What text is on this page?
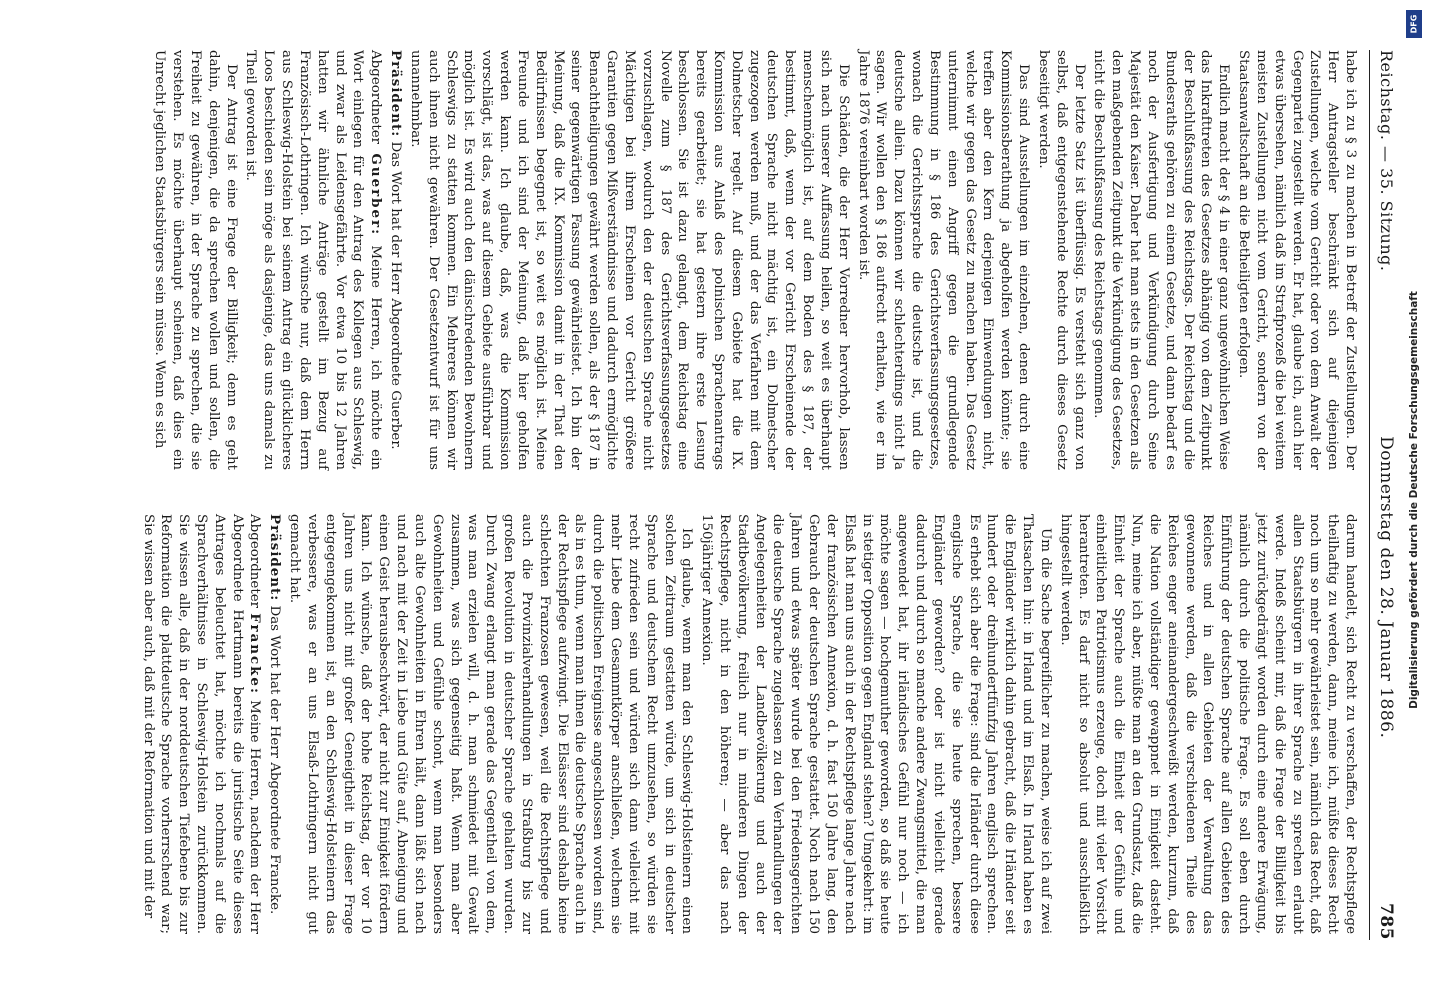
Reichstag. — 35. Sitzung.
Donnerstag den 28. Januar 1886.
785

habe ich zu § 3 zu machen in Betreff der Zustellungen. Der Herr Antragsteller beschränkt sich auf diejenigen Zustellungen, welche vom Gericht oder von dem Anwalt der Gegenpartei zugestellt werden. Er hat, glaube ich, auch hier etwas übersehen, nämlich daß im Strafprozeß die bei weitem meisten Zustellungen nicht vom Gericht, sondern von der Staatsanwaltschaft an die Betheiligten erfolgen.

Endlich macht der § 4 in einer ganz ungewöhnlichen Weise das Inkrafttreten des Gesetzes abhängig von dem Zeitpunkt der Beschlußfassung des Reichstags. Der Reichstag und die Bundesraths gehören zu einem Gesetze, und dann bedarf es noch der Ausfertigung und Verkündigung durch Seine Majestät den Kaiser. Daher hat man stets in den Gesetzen als den maßgebenden Zeitpunkt die Verkündigung des Gesetzes, nicht die Beschlußfassung des Reichstags genommen.

Der letzte Satz ist überflüssig. Es versteht sich ganz von selbst, daß entgegenstehende Rechte durch dieses Gesetz beseitigt werden.

Das sind Ausstellungen im einzelnen, denen durch eine Kommissionsberathung ja abgeholfen werden könnte; sie treffen aber den Kern derjenigen Einwendungen nicht, welche wir gegen das Gesetz zu machen haben. Das Gesetz unternimmt einen Angriff gegen die grundlegende Bestimmung in § 186 des Gerichtsverfassungsgesetzes, wonach die Gerichtssprache die deutsche ist, und die deutsche allein. Dazu können wir schlechterdings nicht Ja sagen. Wir wollen den § 186 aufrecht erhalten, wie er im Jahre 1876 vereinbart worden ist.

Die Schäden, die der Herr Vorredner hervorhob, lassen sich nach unserer Auffassung heilen, so weit es überhaupt menschenmöglich ist, auf dem Boden des § 187, der bestimmt, daß, wenn der vor Gericht Erscheinende der deutschen Sprache nicht mächtig ist, ein Dolmetscher zugezogen werden muß, und der das Verfahren mit dem Dolmetscher regelt. Auf diesem Gebiete hat die IX. Kommission aus Anlaß des polnischen Sprachenantrags bereits gearbeitet; sie hat gestern ihre erste Lesung beschlossen. Sie ist dazu gelangt, dem Reichstag eine Novelle zum § 187 des Gerichtsverfassungsgesetzes vorzuschlagen, wodurch den der deutschen Sprache nicht Mächtigen bei ihrem Erscheinen vor Gericht größere Garantien gegen Mißverständnisse und dadurch ermöglichte Benachtheiligungen gewährt werden sollen, als der § 187 in seiner gegenwärtigen Fassung gewährleistet. Ich bin der Meinung, daß die IX. Kommission damit in der That den Bedürfnissen begegnet ist, so weit es möglich ist. Meine Freunde und ich sind der Meinung, daß hier geholfen werden kann. Ich glaube, daß, was die Kommission vorschlägt, ist das, was auf diesem Gebiete ausführbar und möglich ist. Es wird auch den dänischredenden Bewohnern Schleswigs zu statten kommen. Ein Mehreres können wir auch ihnen nicht gewähren. Der Gesetzentwurf ist für uns unannehmbar.

Präsident: Das Wort hat der Herr Abgeordnete Guerber.

Abgeordneter Guerber: Meine Herren, ich möchte ein Wort einlegen für den Antrag des Kollegen aus Schleswig, und zwar als Leidensgefährte. Vor etwa 10 bis 12 Jahren hatten wir ähnliche Anträge gestellt im Bezug auf Französisch-Lothringen. Ich wünsche nur, daß dem Herrn aus Schleswig-Holstein bei seinem Antrag ein glücklicheres Loos beschieden sein möge als dasjenige, das uns damals zu Theil geworden ist.

Der Antrag ist eine Frage der Billigkeit; denn es geht dahin, denjenigen, die da sprechen wollen und sollen, die Freiheit zu gewähren, in der Sprache zu sprechen, die sie verstehen. Es möchte überhaupt scheinen, daß dies ein Unrecht jeglichen Staatsbürgers sein müsse. Wenn es sich

darum handelt, sich Recht zu verschaffen, der Rechtspflege theilhaftig zu werden, dann, meine ich, müßte dieses Recht noch um so mehr gewährleistet sein, nämlich das Recht, daß allen Staatsbürgern in ihrer Sprache zu sprechen erlaubt werde. Indeß scheint mir, daß die Frage der Billigkeit bis jetzt zurückgedrängt worden durch eine andere Erwägung, nämlich durch die politische Frage. Es soll eben durch Einführung der deutschen Sprache auf allen Gebieten des Reiches und in allen Gebieten der Verwaltung das gewonnene werden, daß die verschiedenen Theile des Reiches enger aneinandergeschweißt werden, kurzum, daß die Nation vollständiger gewappnet in Einigkeit dasteht. Nun, meine ich aber, müßte man an den Grundsatz, daß die Einheit der Sprache auch die Einheit der Gefühle und einheitlichen Patriotismus erzeuge, doch mit vieler Vorsicht herantreten. Es darf nicht so absolut und ausschließlich hingestellt werden.

Um die Sache begreiflicher zu machen, weise ich auf zwei Thatsachen hin: in Irland und im Elsaß. In Irland haben es die Engländer wirklich dahin gebracht, daß die Irländer seit hundert oder dreihundertfünfzig Jahren englisch sprechen. Es erhebt sich aber die Frage: sind die Irländer durch diese englische Sprache, die sie heute sprechen, bessere Engländer geworden? oder ist nicht vielleicht gerade dadurch und durch so manche andere Zwangsmittel, die man angewendet hat, ihr irländisches Gefühl nur noch — ich möchte sagen — hochgemuther geworden, so daß sie heute in stetiger Opposition gegen England stehen? Umgekehrt: im Elsaß hat man uns auch in der Rechtspflege lange Jahre nach der französischen Annexion, d. h. fast 150 Jahre lang, den Gebrauch der deutschen Sprache gestattet. Noch nach 150 Jahren und etwas später wurde bei den Friedensgerichten die deutsche Sprache zugelassen zu den Verhandlungen der Angelegenheiten der Landbevölkerung und auch der Stadtbevölkerung, freilich nur in minderen Dingen der Rechtspflege, nicht in den höheren; — aber das nach 150jähriger Annexion.

Ich glaube, wenn man den Schleswig-Holsteinern einen solchen Zeitraum gestatten würde, um sich in deutscher Sprache und deutschem Recht umzusehen, so würden sie recht zufrieden sein und würden sich dann vielleicht mit mehr Liebe dem Gesammtkörper anschließen, welchem sie durch die politischen Ereignisse angeschlossen worden sind, als in es thun, wenn man ihnen die deutsche Sprache auch in der Rechtspflege aufzwingt. Die Elsässer sind deshalb keine schlechten Franzosen gewesen, weil die Rechtspflege und auch die Provinzialverhandlungen in Straßburg bis zur großen Revolution in deutscher Sprache gehalten wurden. Durch Zwang erlangt man gerade das Gegentheil von dem, was man erzielen will, d. h. man schmiedet mit Gewalt zusammen, was sich gegenseitig haßt. Wenn man aber Gewohnheiten und Gefühle schont, wenn man besonders auch alte Gewohnheiten in Ehren hält, dann läßt sich nach und nach mit der Zeit in Liebe und Güte auf, Abneigung und einen Geist herausbeschwört, der nicht zur Einigkeit fördern kann. Ich wünsche, daß der hohe Reichstag, der vor 10 Jahren uns nicht mit großer Geneigtheit in dieser Frage entgegengekommen ist, an den Schleswig-Holsteinern das verbessere, was er an uns Elsaß-Lothringern nicht gut gemacht hat.

Präsident: Das Wort hat der Herr Abgeordnete Francke.

Abgeordneter Francke: Meine Herren, nachdem der Herr Abgeordnete Hartmann bereits die juristische Seite dieses Antrages beleuchtet hat, möchte ich nochmals auf die Sprachverhältnisse in Schleswig-Holstein zurückkommen. Sie wissen alle, daß in der norddeutschen Tiefebene bis zur Reformation die plattdeutsche Sprache vorherrschend war; Sie wissen aber auch, daß mit der Reformation und mit der

DFG
Digitalisierung gefördert durch die Deutsche Forschungsgemeinschaft
